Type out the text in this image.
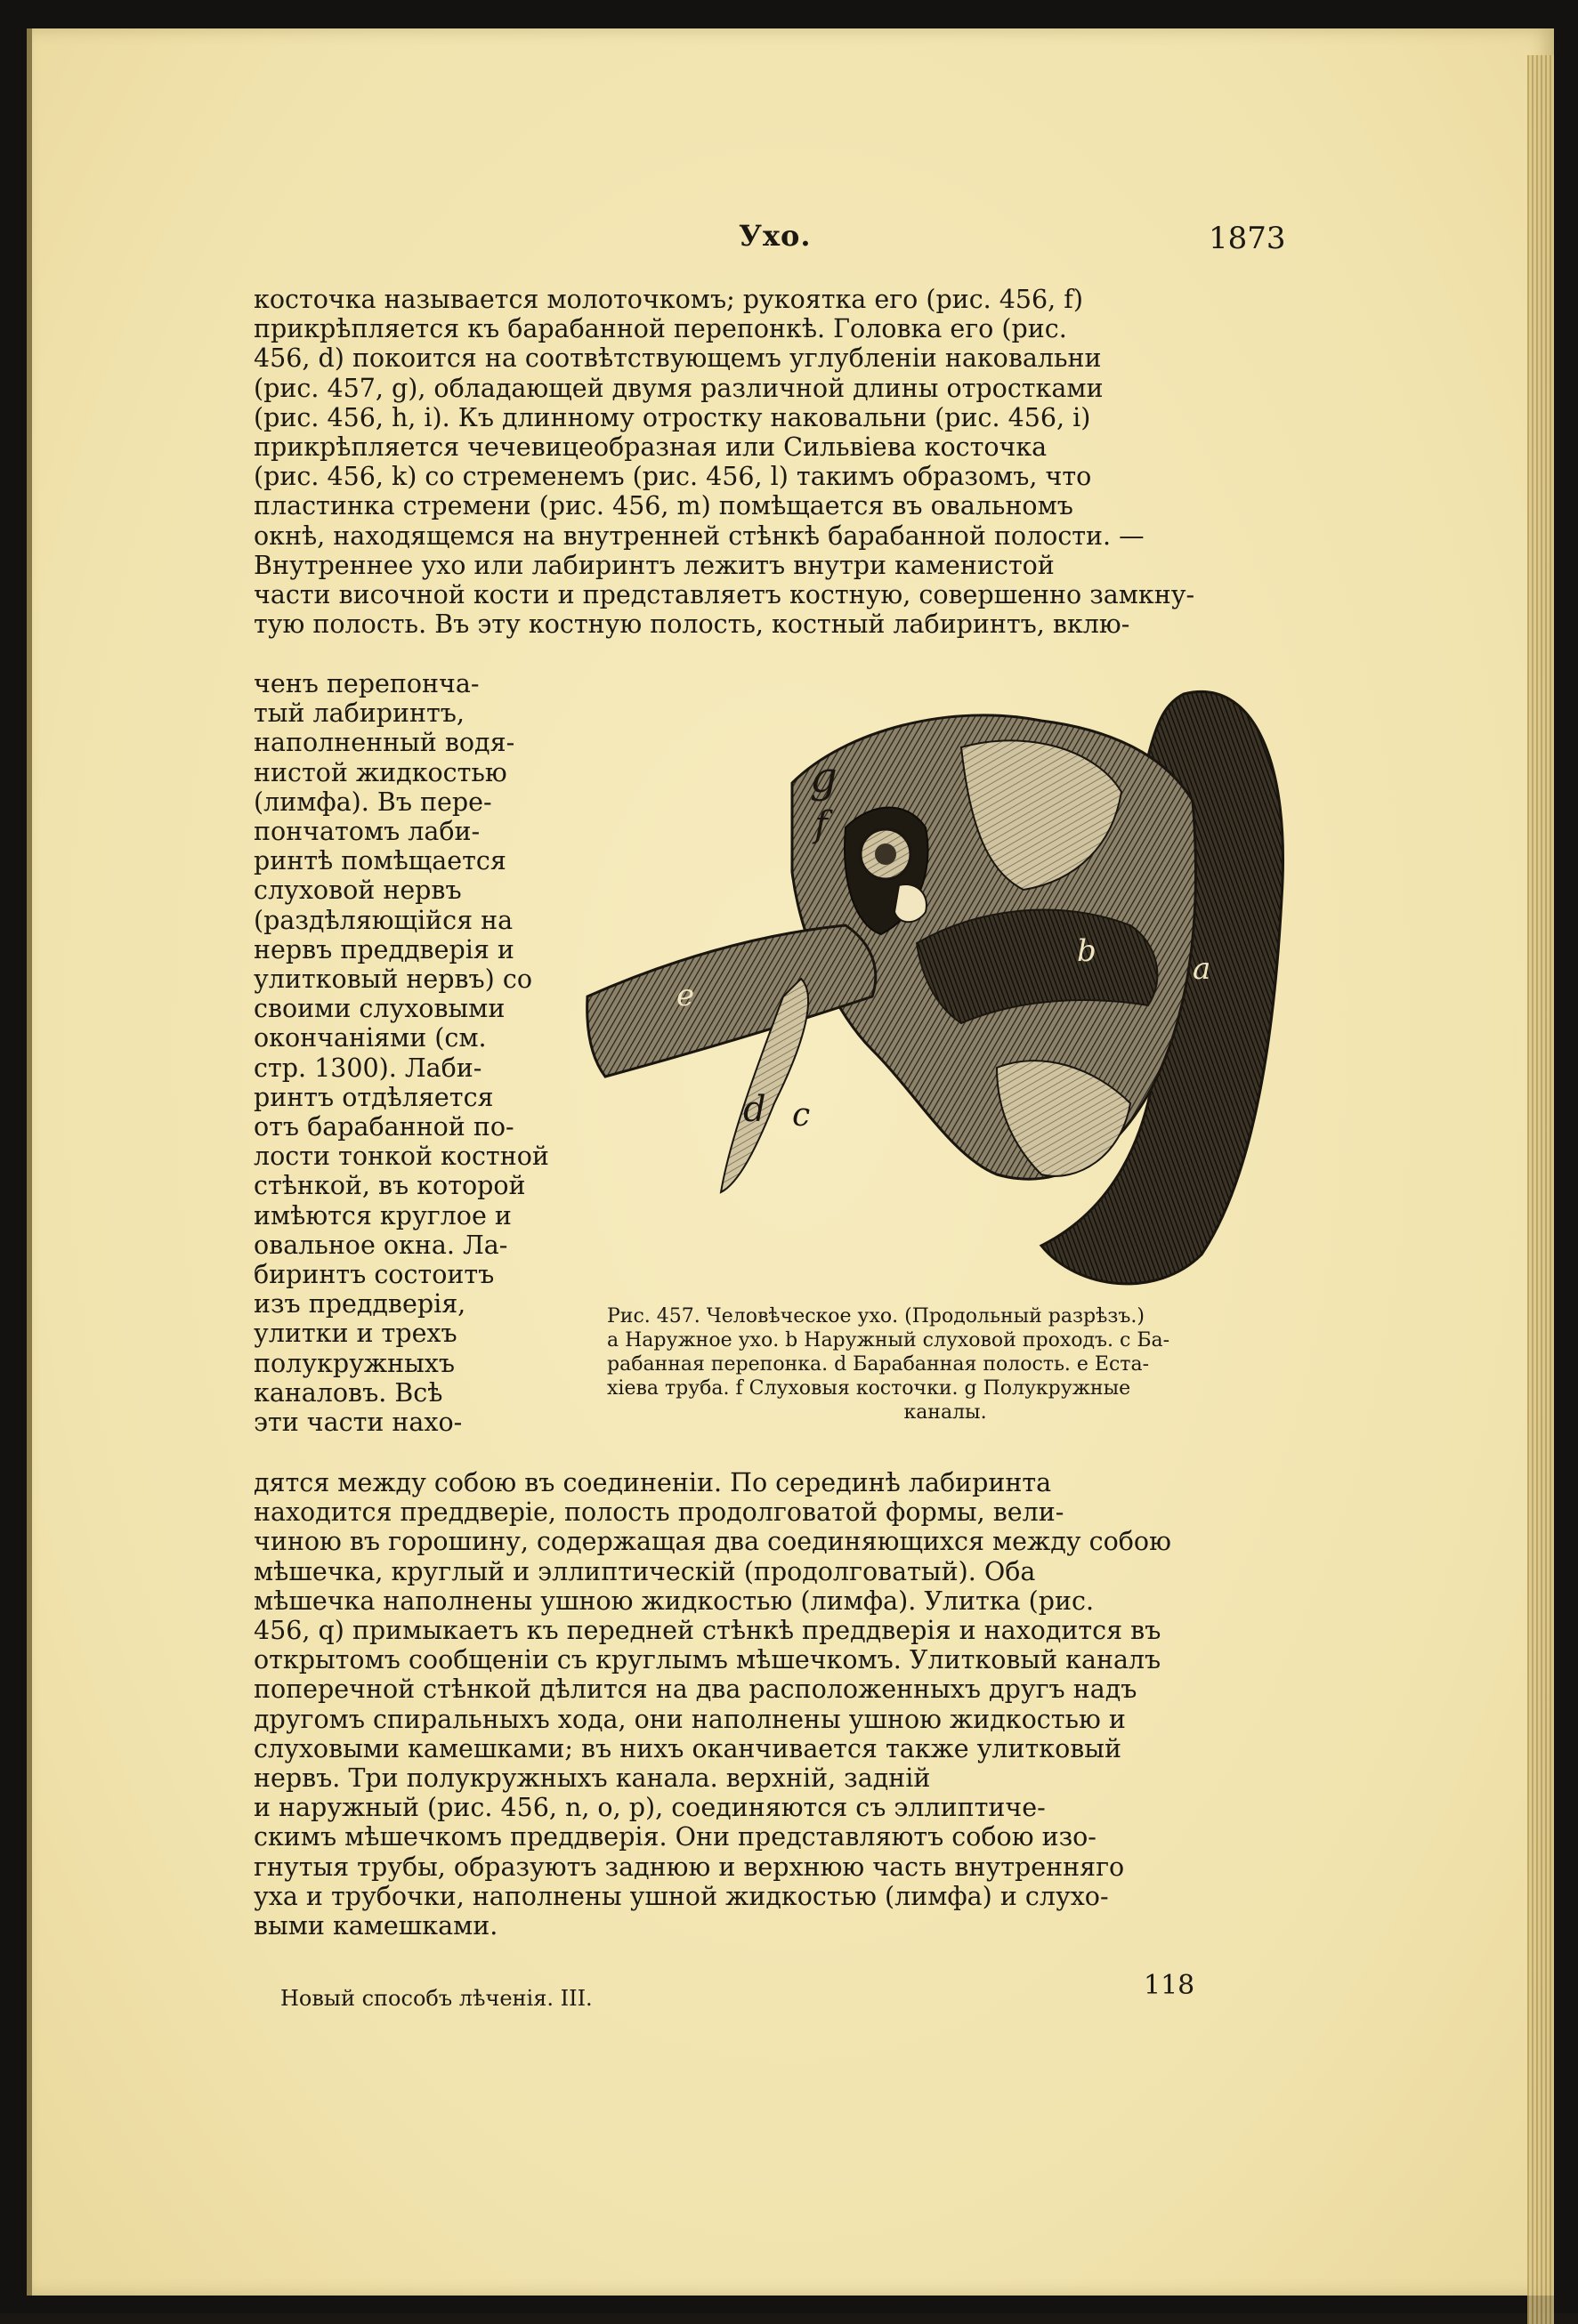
Ухо.	1873
косточка называется молоточкомъ; рукоятка его (рис. 456, f)
прикрѣпляется къ барабанной перепонкѣ. Головка его (рис.
456, d) покоится на соотвѣтствующемъ углубленіи наковальни
(рис. 457, g), обладающей двумя различной длины отростками
(рис. 456, h, i). Къ длинному отростку наковальни (рис. 456, i)
прикрѣпляется чечевицеобразная или Сильвіева косточка
(рис. 456, k) со стременемъ (рис. 456, l) такимъ образомъ, что
пластинка стремени (рис. 456, m) помѣщается въ овальномъ
окнѣ, находящемся на внутренней стѣнкѣ барабанной полости. —
Внутреннее ухо или лабиринтъ лежитъ внутри каменистой
части височной кости и представляетъ костную, совершенно замкну-
тую полость. Въ эту костную полость, костный лабиринтъ, вклю-
ченъ перепонча-
тый лабиринтъ,
наполненный водя-
нистой жидкостью
(лимфа). Въ пере-
пончатомъ лаби-
ринтѣ помѣщается
слуховой нервъ
(раздѣляющійся на
нервъ преддверія и
улитковый нервъ) со
своими слуховыми
окончаніями (см.
стр. 1300). Лаби-
ринтъ отдѣляется
отъ барабанной по-
лости тонкой костной
стѣнкой, въ которой
имѣются круглое и
овальное окна. Ла-
биринтъ состоитъ
изъ преддверія,
улитки и трехъ
полукружныхъ
каналовъ. Всѣ
эти части нахо-
g
f
b	a
e
d c
Рис. 457. Человѣческое ухо. (Продольный разрѣзъ.)
a Наружное ухо. b Наружный слуховой проходъ. c Ба-
рабанная перепонка. d Барабанная полость. e Еста-
хіева труба. f Слуховыя косточки. g Полукружные
каналы.
дятся между собою въ соединеніи. По серединѣ лабиринта
находится преддверіе, полость продолговатой формы, вели-
чиною въ горошину, содержащая два соединяющихся между собою
мѣшечка, круглый и эллиптическій (продолговатый). Оба
мѣшечка наполнены ушною жидкостью (лимфа). Улитка (рис.
456, q) примыкаетъ къ передней стѣнкѣ преддверія и находится въ
открытомъ сообщеніи съ круглымъ мѣшечкомъ. Улитковый каналъ
поперечной стѣнкой дѣлится на два расположенныхъ другъ надъ
другомъ спиральныхъ хода, они наполнены ушною жидкостью и
слуховыми камешками; въ нихъ оканчивается также улитковый
нервъ. Три полукружныхъ канала. верхній, задній
и наружный (рис. 456, n, o, p), соединяются съ эллиптиче-
скимъ мѣшечкомъ преддверія. Они представляютъ собою изо-
гнутыя трубы, образуютъ заднюю и верхнюю часть внутренняго
уха и трубочки, наполнены ушной жидкостью (лимфа) и слухо-
выми камешками.
Новый способъ лѣченія. III.	118
